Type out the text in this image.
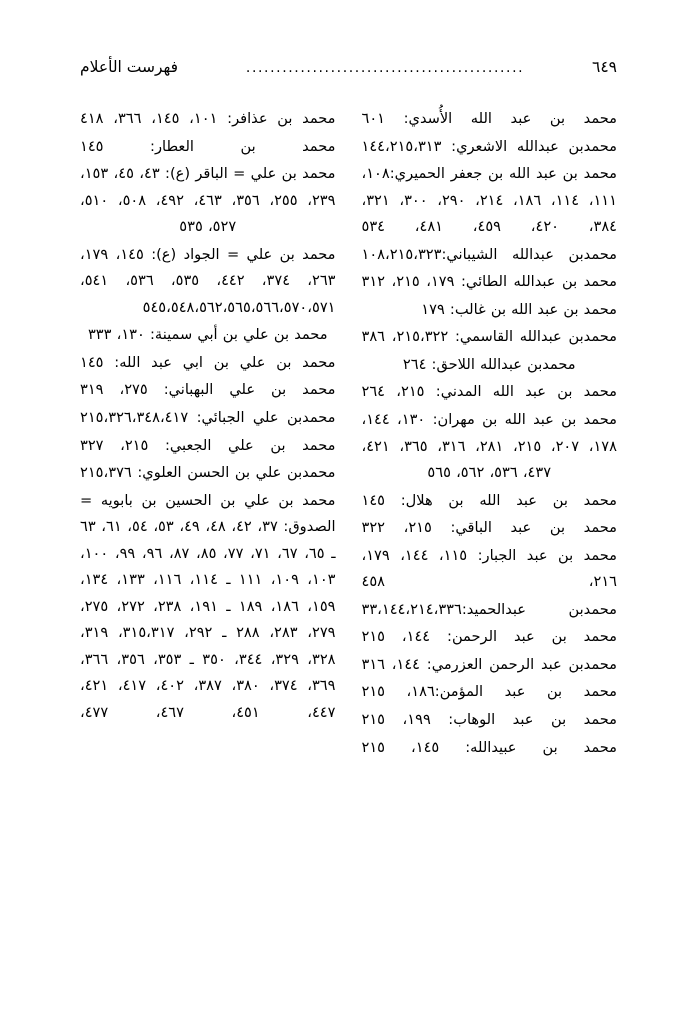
فهرست الأعلام	..............................................	٦٤٩

محمد بن عبد الله الأُسدي: ٦٠١

محمدبن عبدالله الاشعري: ١٤٤،٢١٥،٣١٣

محمد بن عبد الله بن جعفر الحميري:١٠٨، ١١١، ١١٤، ١٨٦، ٢١٤، ٢٩٠، ٣٠٠، ٣٢١، ٣٨٤، ٤٢٠، ٤٥٩، ٤٨١، ٥٣٤

محمدبن عبدالله الشيباني:١٠٨،٢١٥،٣٢٣

محمد بن عبدالله الطائي: ١٧٩، ٢١٥، ٣١٢

محمد بن عبد الله بن غالب: ١٧٩

محمدبن عبدالله القاسمي: ٢١٥،٣٢٢، ٣٨٦

محمدبن عبدالله اللاحق: ٢٦٤

محمد بن عبد الله المدني: ٢١٥، ٢٦٤

محمد بن عبد الله بن مهران: ١٣٠، ١٤٤، ١٧٨، ٢٠٧، ٢١٥، ٢٨١، ٣١٦، ٣٦٥، ٤٢١، ٤٣٧، ٥٣٦، ٥٦٢، ٥٦٥

محمد بن عبد الله بن هلال: ١٤٥

محمد بن عبد الباقي: ٢١٥، ٣٢٢

محمد بن عبد الجبار: ١١٥، ١٤٤، ١٧٩، ٢١٦، ٤٥٨

محمدبن عبدالحميد:٣٣،١٤٤،٢١٤،٣٣٦

محمد بن عبد الرحمن: ١٤٤، ٢١٥

محمدبن عبد الرحمن العزرمي: ١٤٤، ٣١٦

محمد بن عبد المؤمن:١٨٦، ٢١٥

محمد بن عبد الوهاب: ١٩٩، ٢١٥

محمد بن عبيدالله: ١٤٥، ٢١٥

محمد بن عذافر: ١٠١، ١٤٥، ٣٦٦، ٤١٨

محمد بن العطار: ١٤٥

محمد بن علي = الباقر (ع): ٤٣، ٤٥، ١٥٣، ٢٣٩، ٢٥٥، ٣٥٦، ٤٦٣، ٤٩٢، ٥٠٨، ٥١٠، ٥٢٧، ٥٣٥

محمد بن علي = الجواد (ع): ١٤٥، ١٧٩، ٢٦٣، ٣٧٤، ٤٤٢، ٥٣٥، ٥٣٦، ٥٤١، ٥٤٥،٥٤٨،٥٦٢،٥٦٥،٥٦٦،٥٧٠،٥٧١

محمد بن علي بن أبي سمينة: ١٣٠، ٣٣٣

محمد بن علي بن ابي عبد الله: ١٤٥

محمد بن علي البهباني: ٢٧٥، ٣١٩

محمدبن علي الجبائي: ٢١٥،٣٢٦،٣٤٨،٤١٧

محمد بن علي الجعبي: ٢١٥، ٣٢٧

محمدبن علي بن الحسن العلوي: ٢١٥،٣٧٦

محمد بن علي بن الحسين بن بابويه = الصدوق: ٣٧، ٤٢، ٤٨، ٤٩، ٥٣، ٥٤، ٦١، ٦٣ ـ ٦٥، ٦٧، ٧١، ٧٧، ٨٥، ٨٧، ٩٦، ٩٩، ١٠٠، ١٠٣، ١٠٩، ١١١ ـ ١١٤، ١١٦، ١٣٣، ١٣٤، ١٥٩، ١٨٦، ١٨٩ ـ ١٩١، ٢٣٨، ٢٧٢، ٢٧٥، ٢٧٩، ٢٨٣، ٢٨٨ ـ ٢٩٢، ٣١٥،٣١٧، ٣١٩، ٣٢٨، ٣٢٩، ٣٤٤، ٣٥٠ ـ ٣٥٣، ٣٥٦، ٣٦٦، ٣٦٩، ٣٧٤، ٣٨٠، ٣٨٧، ٤٠٢، ٤١٧، ٤٢١، ٤٤٧، ٤٥١، ٤٦٧، ٤٧٧،
